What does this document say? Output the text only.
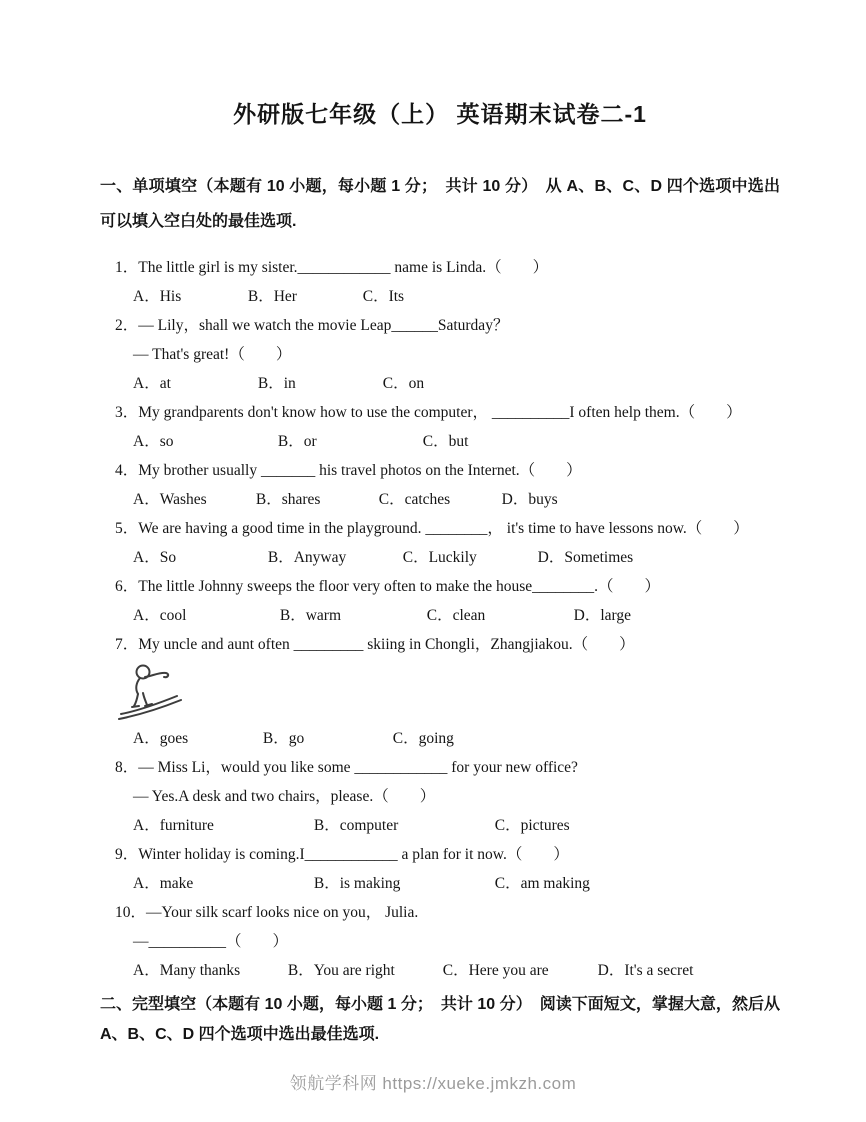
外研版七年级（上） 英语期末试卷二-1
一、单项填空（本题有 10 小题，每小题 1 分；　共计 10 分）　从 A、B、C、D 四个选项中选出可以填入空白处的最佳选项.
1．The little girl is my sister.____________ name is Linda.（　　）
A．His	B．Her	C．Its
2．— Lily，shall we watch the movie Leap______Saturday？
— That's great!（　　）
A．at	B．in	C．on
3．My grandparents don't know how to use the computer， __________I often help them.（　　）
A．so	B．or	C．but
4．My brother usually _______ his travel photos on the Internet.（　　）
A．Washes	B．shares	C．catches	D．buys
5．We are having a good time in the playground. ________， it's time to have lessons now.（　　）
A．So	B．Anyway	C．Luckily	D．Sometimes
6．The little Johnny sweeps the floor very often to make the house________.（　　）
A．cool	B．warm	C．clean	D．large
7．My uncle and aunt often _________ skiing in Chongli，Zhangjiakou.（　　）
A．goes	B．go	C．going
8．— Miss Li，would you like some ____________ for your new office?
— Yes.A desk and two chairs，please.（　　）
A．furniture	B．computer	C．pictures
9．Winter holiday is coming.I____________ a plan for it now.（　　）
A．make	B．is making	C．am making
10．—Your silk scarf looks nice on you， Julia.
—__________（　　）
A．Many thanks	B．You are right	C．Here you are	D．It's a secret
二、完型填空（本题有 10 小题，每小题 1 分；　共计 10 分）　阅读下面短文，掌握大意，然后从 A、B、C、D 四个选项中选出最佳选项.
领航学科网 https://xueke.jmkzh.com
